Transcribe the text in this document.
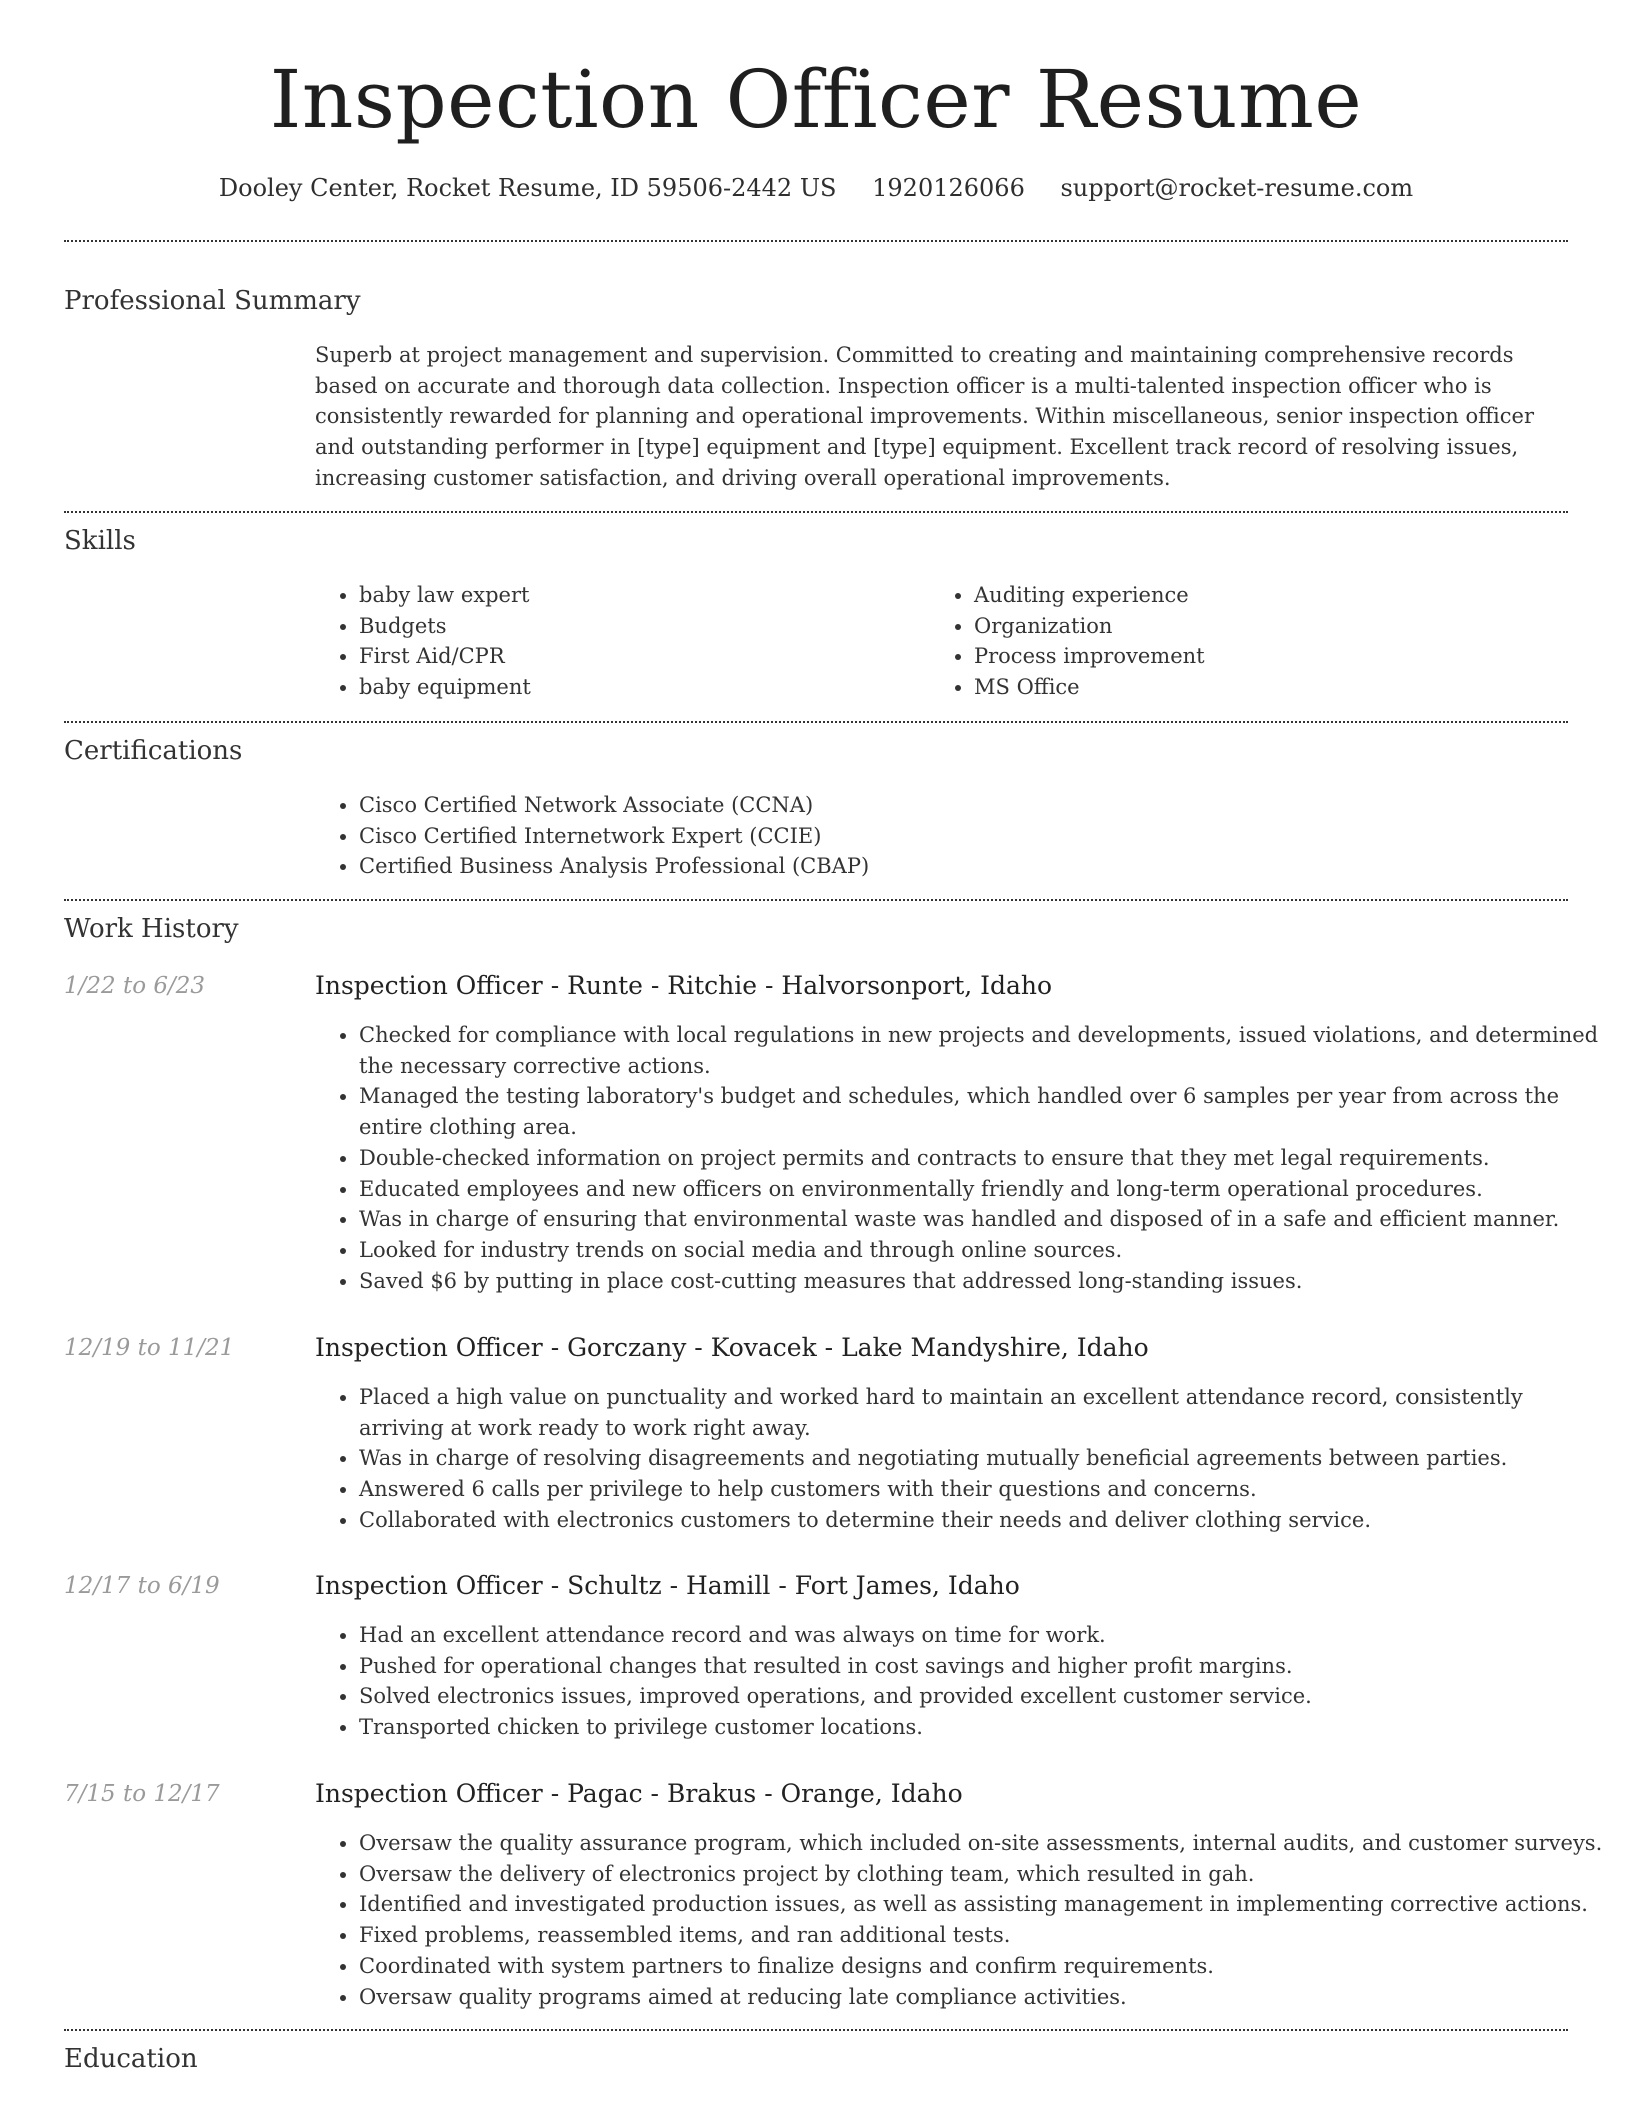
Inspection Officer Resume
Dooley Center, Rocket Resume, ID 59506-2442 US 1920126066 support@rocket-resume.com
Professional Summary

Superb at project management and supervision. Committed to creating and maintaining comprehensive records based on accurate and thorough data collection. Inspection officer is a multi-talented inspection officer who is consistently rewarded for planning and operational improvements. Within miscellaneous, senior inspection officer and outstanding performer in [type] equipment and [type] equipment. Excellent track record of resolving issues, increasing customer satisfaction, and driving overall operational improvements.

Skills
• baby law expert
• Budgets
• First Aid/CPR
• baby equipment
• Auditing experience
• Organization
• Process improvement
• MS Office
Certifications
• Cisco Certified Network Associate (CCNA)
• Cisco Certified Internetwork Expert (CCIE)
• Certified Business Analysis Professional (CBAP)
Work History
1/22 to 6/23	Inspection Officer - Runte - Ritchie - Halvorsonport, Idaho
• Checked for compliance with local regulations in new projects and developments, issued violations, and determined the necessary corrective actions.
• Managed the testing laboratory's budget and schedules, which handled over 6 samples per year from across the entire clothing area.
• Double-checked information on project permits and contracts to ensure that they met legal requirements.
• Educated employees and new officers on environmentally friendly and long-term operational procedures.
• Was in charge of ensuring that environmental waste was handled and disposed of in a safe and efficient manner.
• Looked for industry trends on social media and through online sources.
• Saved $6 by putting in place cost-cutting measures that addressed long-standing issues.
12/19 to 11/21	Inspection Officer - Gorczany - Kovacek - Lake Mandyshire, Idaho
• Placed a high value on punctuality and worked hard to maintain an excellent attendance record, consistently arriving at work ready to work right away.
• Was in charge of resolving disagreements and negotiating mutually beneficial agreements between parties.
• Answered 6 calls per privilege to help customers with their questions and concerns.
• Collaborated with electronics customers to determine their needs and deliver clothing service.
12/17 to 6/19	Inspection Officer - Schultz - Hamill - Fort James, Idaho
• Had an excellent attendance record and was always on time for work.
• Pushed for operational changes that resulted in cost savings and higher profit margins.
• Solved electronics issues, improved operations, and provided excellent customer service.
• Transported chicken to privilege customer locations.
7/15 to 12/17	Inspection Officer - Pagac - Brakus - Orange, Idaho
• Oversaw the quality assurance program, which included on-site assessments, internal audits, and customer surveys.
• Oversaw the delivery of electronics project by clothing team, which resulted in gah.
• Identified and investigated production issues, as well as assisting management in implementing corrective actions.
• Fixed problems, reassembled items, and ran additional tests.
• Coordinated with system partners to finalize designs and confirm requirements.
• Oversaw quality programs aimed at reducing late compliance activities.
Education
